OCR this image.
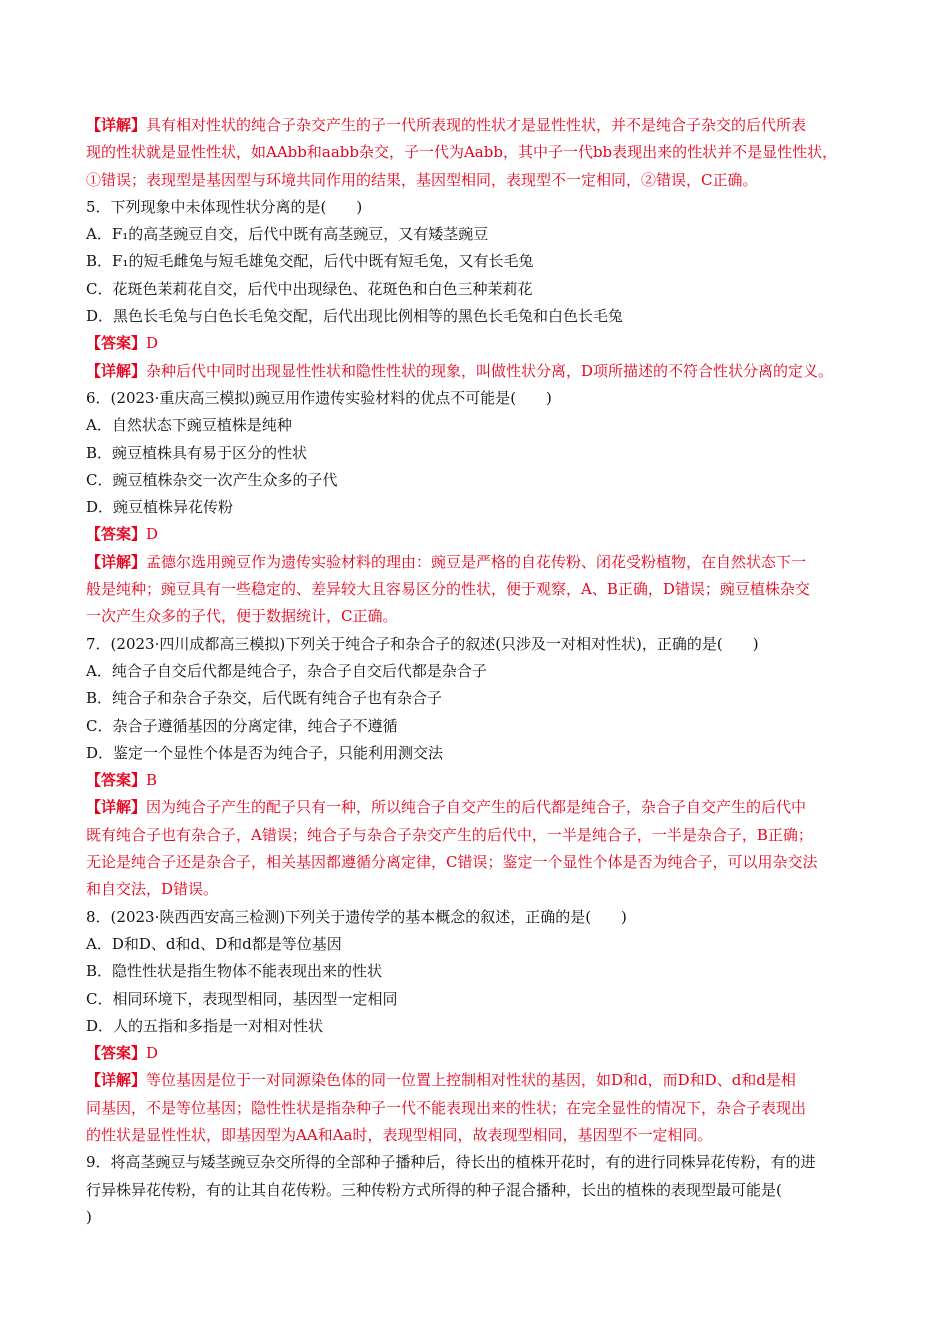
【详解】具有相对性状的纯合子杂交产生的子一代所表现的性状才是显性性状，并不是纯合子杂交的后代所表
现的性状就是显性性状，如AAbb和aabb杂交，子一代为Aabb，其中子一代bb表现出来的性状并不是显性性状，
①错误；表现型是基因型与环境共同作用的结果，基因型相同，表现型不一定相同，②错误，C正确。
5．下列现象中未体现性状分离的是(　　)
A．F₁的高茎豌豆自交，后代中既有高茎豌豆，又有矮茎豌豆
B．F₁的短毛雌兔与短毛雄兔交配，后代中既有短毛兔，又有长毛兔
C．花斑色茉莉花自交，后代中出现绿色、花斑色和白色三种茉莉花
D．黑色长毛兔与白色长毛兔交配，后代出现比例相等的黑色长毛兔和白色长毛兔
【答案】D
【详解】杂种后代中同时出现显性性状和隐性性状的现象，叫做性状分离，D项所描述的不符合性状分离的定义。
6．(2023·重庆高三模拟)豌豆用作遗传实验材料的优点不可能是(　　)
A．自然状态下豌豆植株是纯种
B．豌豆植株具有易于区分的性状
C．豌豆植株杂交一次产生众多的子代
D．豌豆植株异花传粉
【答案】D
【详解】孟德尔选用豌豆作为遗传实验材料的理由：豌豆是严格的自花传粉、闭花受粉植物，在自然状态下一
般是纯种；豌豆具有一些稳定的、差异较大且容易区分的性状，便于观察，A、B正确，D错误；豌豆植株杂交
一次产生众多的子代，便于数据统计，C正确。
7．(2023·四川成都高三模拟)下列关于纯合子和杂合子的叙述(只涉及一对相对性状)，正确的是(　　)
A．纯合子自交后代都是纯合子，杂合子自交后代都是杂合子
B．纯合子和杂合子杂交，后代既有纯合子也有杂合子
C．杂合子遵循基因的分离定律，纯合子不遵循
D．鉴定一个显性个体是否为纯合子，只能利用测交法
【答案】B
【详解】因为纯合子产生的配子只有一种，所以纯合子自交产生的后代都是纯合子，杂合子自交产生的后代中
既有纯合子也有杂合子，A错误；纯合子与杂合子杂交产生的后代中，一半是纯合子，一半是杂合子，B正确；
无论是纯合子还是杂合子，相关基因都遵循分离定律，C错误；鉴定一个显性个体是否为纯合子，可以用杂交法
和自交法，D错误。
8．(2023·陕西西安高三检测)下列关于遗传学的基本概念的叙述，正确的是(　　)
A．D和D、d和d、D和d都是等位基因
B．隐性性状是指生物体不能表现出来的性状
C．相同环境下，表现型相同，基因型一定相同
D．人的五指和多指是一对相对性状
【答案】D
【详解】等位基因是位于一对同源染色体的同一位置上控制相对性状的基因，如D和d，而D和D、d和d是相
同基因，不是等位基因；隐性性状是指杂种子一代不能表现出来的性状；在完全显性的情况下，杂合子表现出
的性状是显性性状，即基因型为AA和Aa时，表现型相同，故表现型相同，基因型不一定相同。
9．将高茎豌豆与矮茎豌豆杂交所得的全部种子播种后，待长出的植株开花时，有的进行同株异花传粉，有的进
行异株异花传粉，有的让其自花传粉。三种传粉方式所得的种子混合播种，长出的植株的表现型最可能是(
)
